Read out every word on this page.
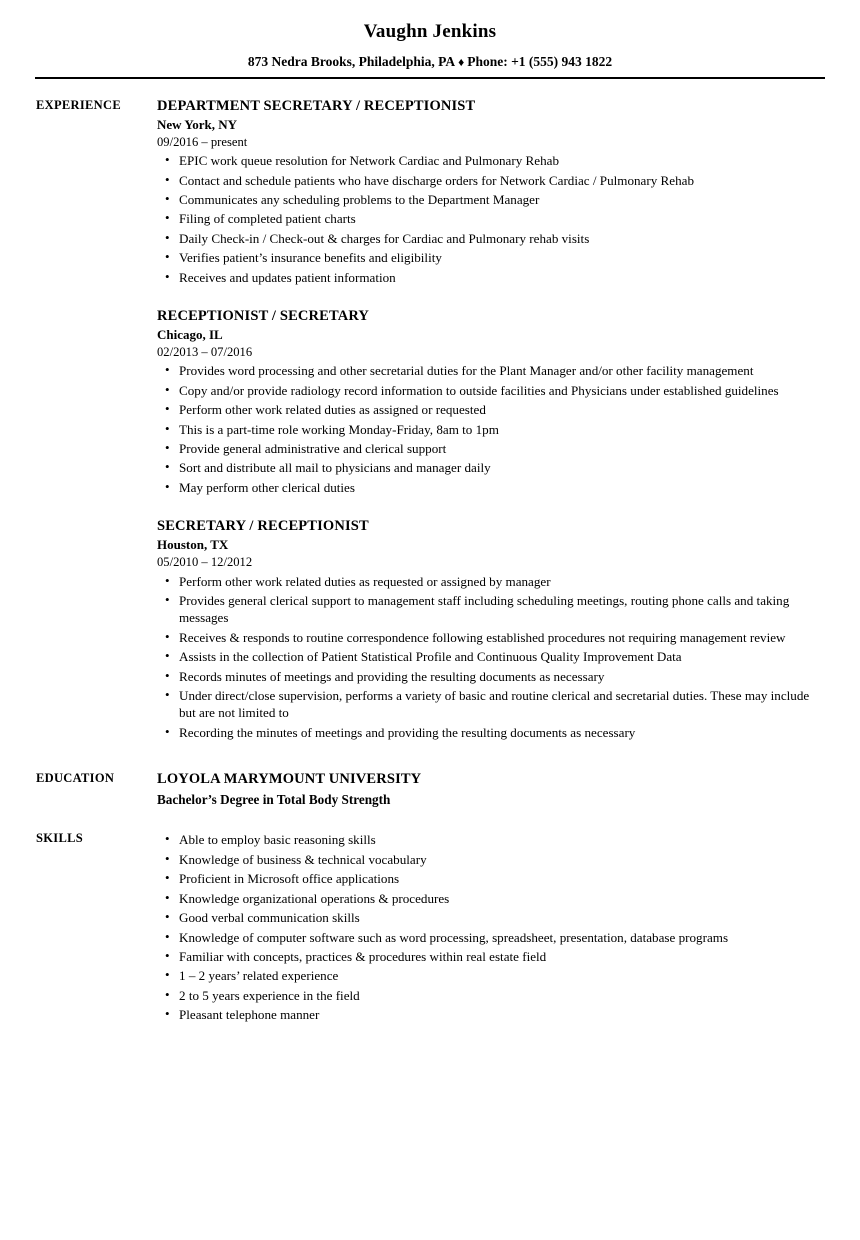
Vaughn Jenkins
873 Nedra Brooks, Philadelphia, PA ♦ Phone: +1 (555) 943 1822
EXPERIENCE	DEPARTMENT SECRETARY / RECEPTIONIST
New York, NY
09/2016 – present
• EPIC work queue resolution for Network Cardiac and Pulmonary Rehab
• Contact and schedule patients who have discharge orders for Network Cardiac / Pulmonary Rehab
• Communicates any scheduling problems to the Department Manager
• Filing of completed patient charts
• Daily Check-in / Check-out & charges for Cardiac and Pulmonary rehab visits
• Verifies patient’s insurance benefits and eligibility
• Receives and updates patient information
RECEPTIONIST / SECRETARY
Chicago, IL
02/2013 – 07/2016
• Provides word processing and other secretarial duties for the Plant Manager and/or other facility management
• Copy and/or provide radiology record information to outside facilities and Physicians under established guidelines
• Perform other work related duties as assigned or requested
• This is a part-time role working Monday-Friday, 8am to 1pm
• Provide general administrative and clerical support
• Sort and distribute all mail to physicians and manager daily
• May perform other clerical duties
SECRETARY / RECEPTIONIST
Houston, TX
05/2010 – 12/2012
• Perform other work related duties as requested or assigned by manager
• Provides general clerical support to management staff including scheduling meetings, routing phone calls and taking messages
• Receives & responds to routine correspondence following established procedures not requiring management review
• Assists in the collection of Patient Statistical Profile and Continuous Quality Improvement Data
• Records minutes of meetings and providing the resulting documents as necessary
• Under direct/close supervision, performs a variety of basic and routine clerical and secretarial duties. These may include but are not limited to
• Recording the minutes of meetings and providing the resulting documents as necessary
EDUCATION	LOYOLA MARYMOUNT UNIVERSITY
Bachelor’s Degree in Total Body Strength
SKILLS	• Able to employ basic reasoning skills
• Knowledge of business & technical vocabulary
• Proficient in Microsoft office applications
• Knowledge organizational operations & procedures
• Good verbal communication skills
• Knowledge of computer software such as word processing, spreadsheet, presentation, database programs
• Familiar with concepts, practices & procedures within real estate field
• 1 – 2 years’ related experience
• 2 to 5 years experience in the field
• Pleasant telephone manner
